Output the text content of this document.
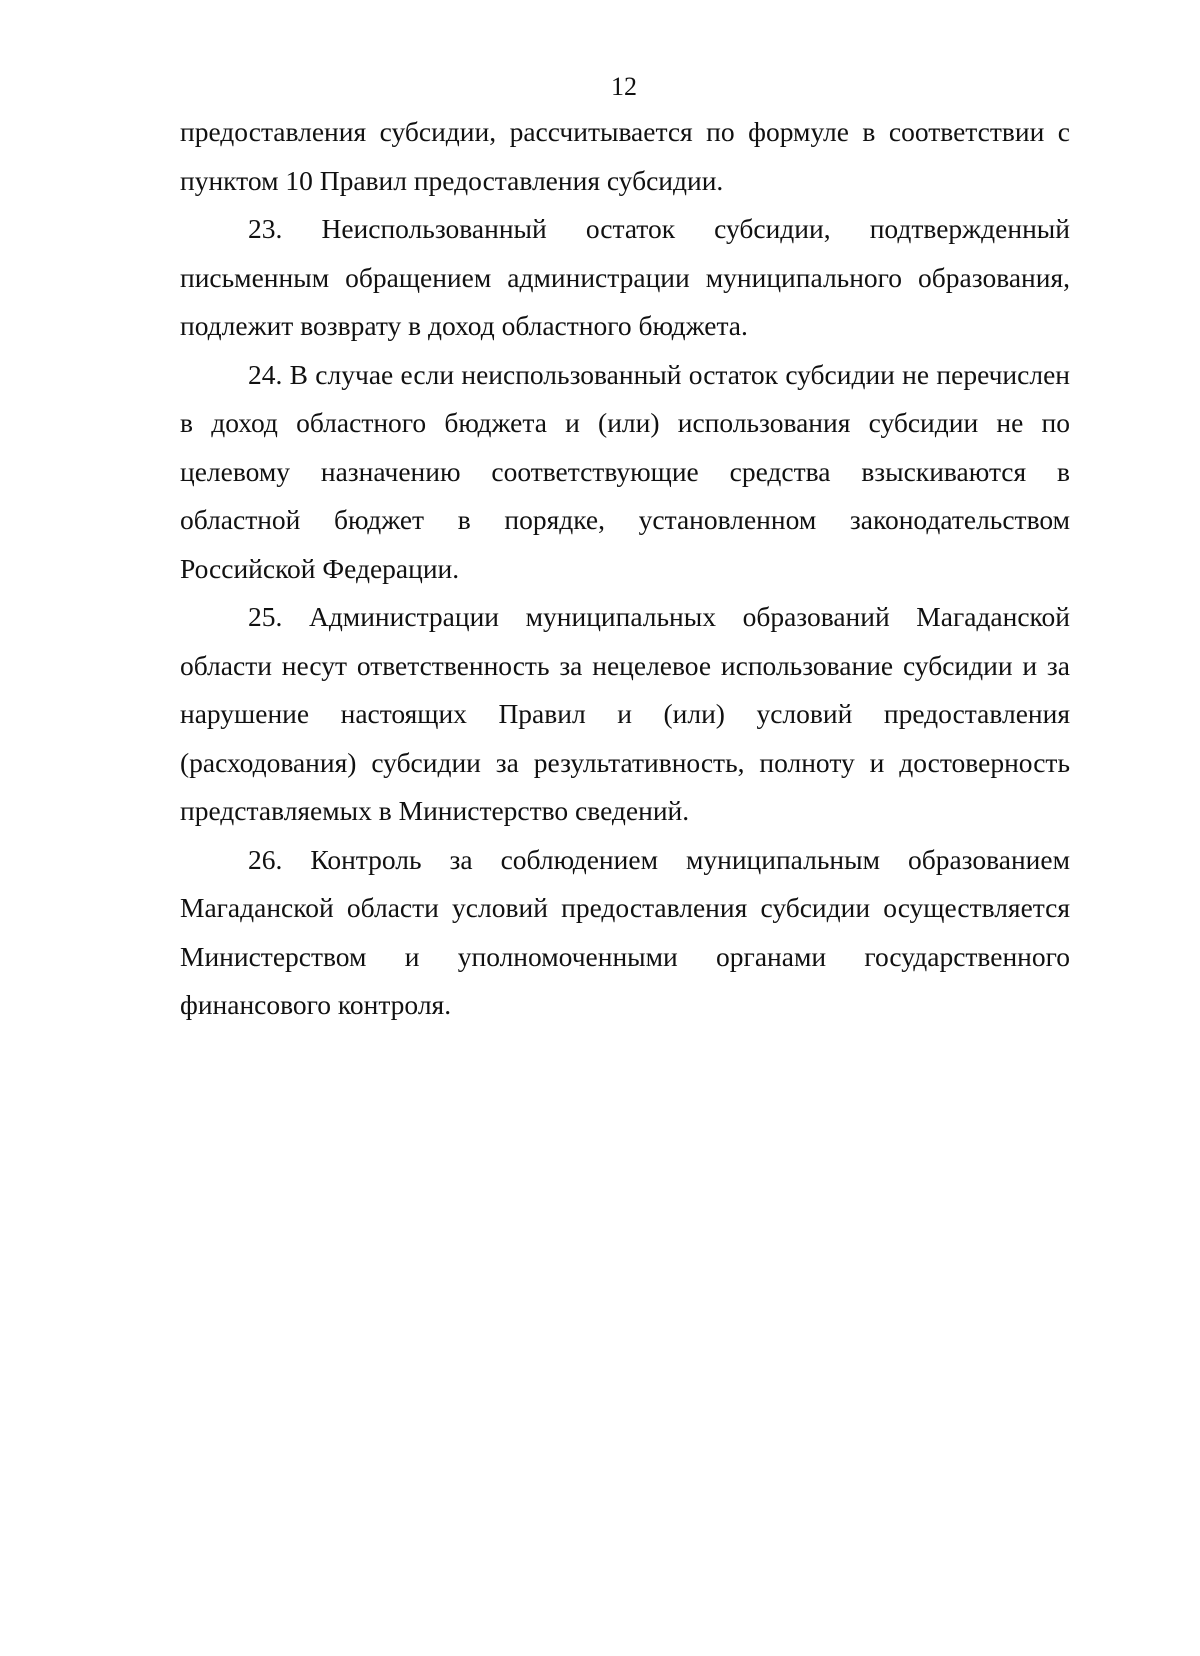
12

предоставления субсидии, рассчитывается по формуле в соответствии с пунктом 10 Правил предоставления субсидии.

23. Неиспользованный остаток субсидии, подтвержденный письменным обращением администрации муниципального образования, подлежит возврату в доход областного бюджета.

24. В случае если неиспользованный остаток субсидии не перечислен в доход областного бюджета и (или) использования субсидии не по целевому назначению соответствующие средства взыскиваются в областной бюджет в порядке, установленном законодательством Российской Федерации.

25. Администрации муниципальных образований Магаданской области несут ответственность за нецелевое использование субсидии и за нарушение настоящих Правил и (или) условий предоставления (расходования) субсидии за результативность, полноту и достоверность представляемых в Министерство сведений.

26. Контроль за соблюдением муниципальным образованием Магаданской области условий предоставления субсидии осуществляется Министерством и уполномоченными органами государственного финансового контроля.
